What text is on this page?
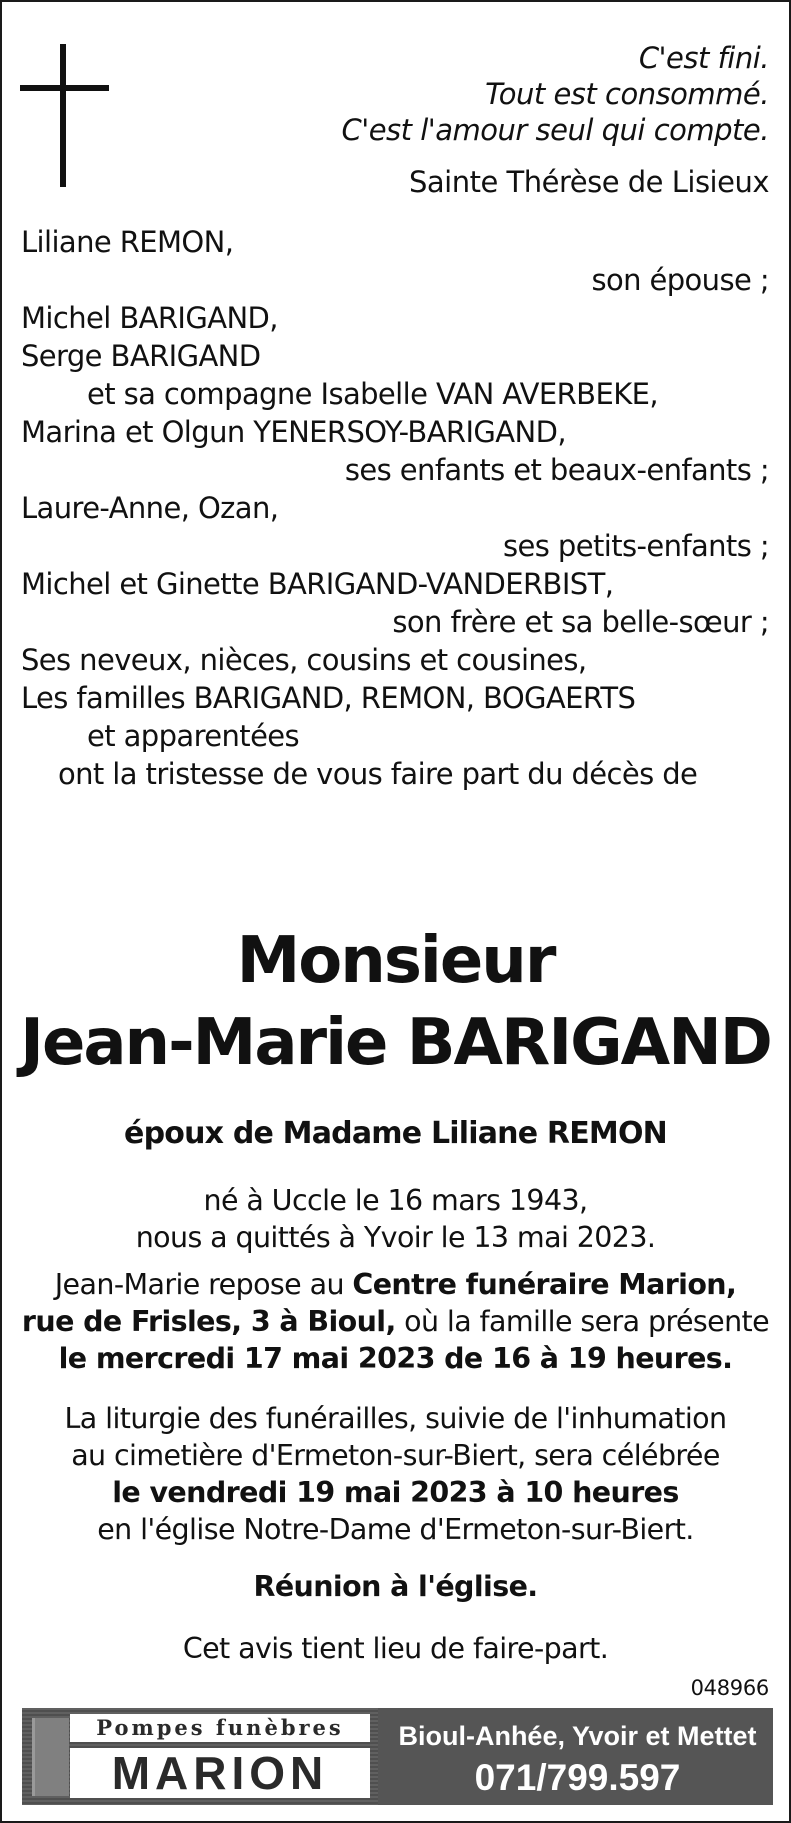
C'est fini.
Tout est consommé.
C'est l'amour seul qui compte.
Sainte Thérèse de Lisieux
Liliane REMON,
son épouse ;
Michel BARIGAND,
Serge BARIGAND
et sa compagne Isabelle VAN AVERBEKE,
Marina et Olgun YENERSOY-BARIGAND,
ses enfants et beaux-enfants ;
Laure-Anne, Ozan,
ses petits-enfants ;
Michel et Ginette BARIGAND-VANDERBIST,
son frère et sa belle-sœur ;
Ses neveux, nièces, cousins et cousines,
Les familles BARIGAND, REMON, BOGAERTS
et apparentées
ont la tristesse de vous faire part du décès de
Monsieur
Jean-Marie BARIGAND
époux de Madame Liliane REMON
né à Uccle le 16 mars 1943,
nous a quittés à Yvoir le 13 mai 2023.
Jean-Marie repose au Centre funéraire Marion,
rue de Frisles, 3 à Bioul, où la famille sera présente
le mercredi 17 mai 2023 de 16 à 19 heures.
La liturgie des funérailles, suivie de l'inhumation
au cimetière d'Ermeton-sur-Biert, sera célébrée
le vendredi 19 mai 2023 à 10 heures
en l'église Notre-Dame d'Ermeton-sur-Biert.
Réunion à l'église.
Cet avis tient lieu de faire-part.
048966
Pompes funèbres
MARION
Bioul-Anhée, Yvoir et Mettet
071/799.597
